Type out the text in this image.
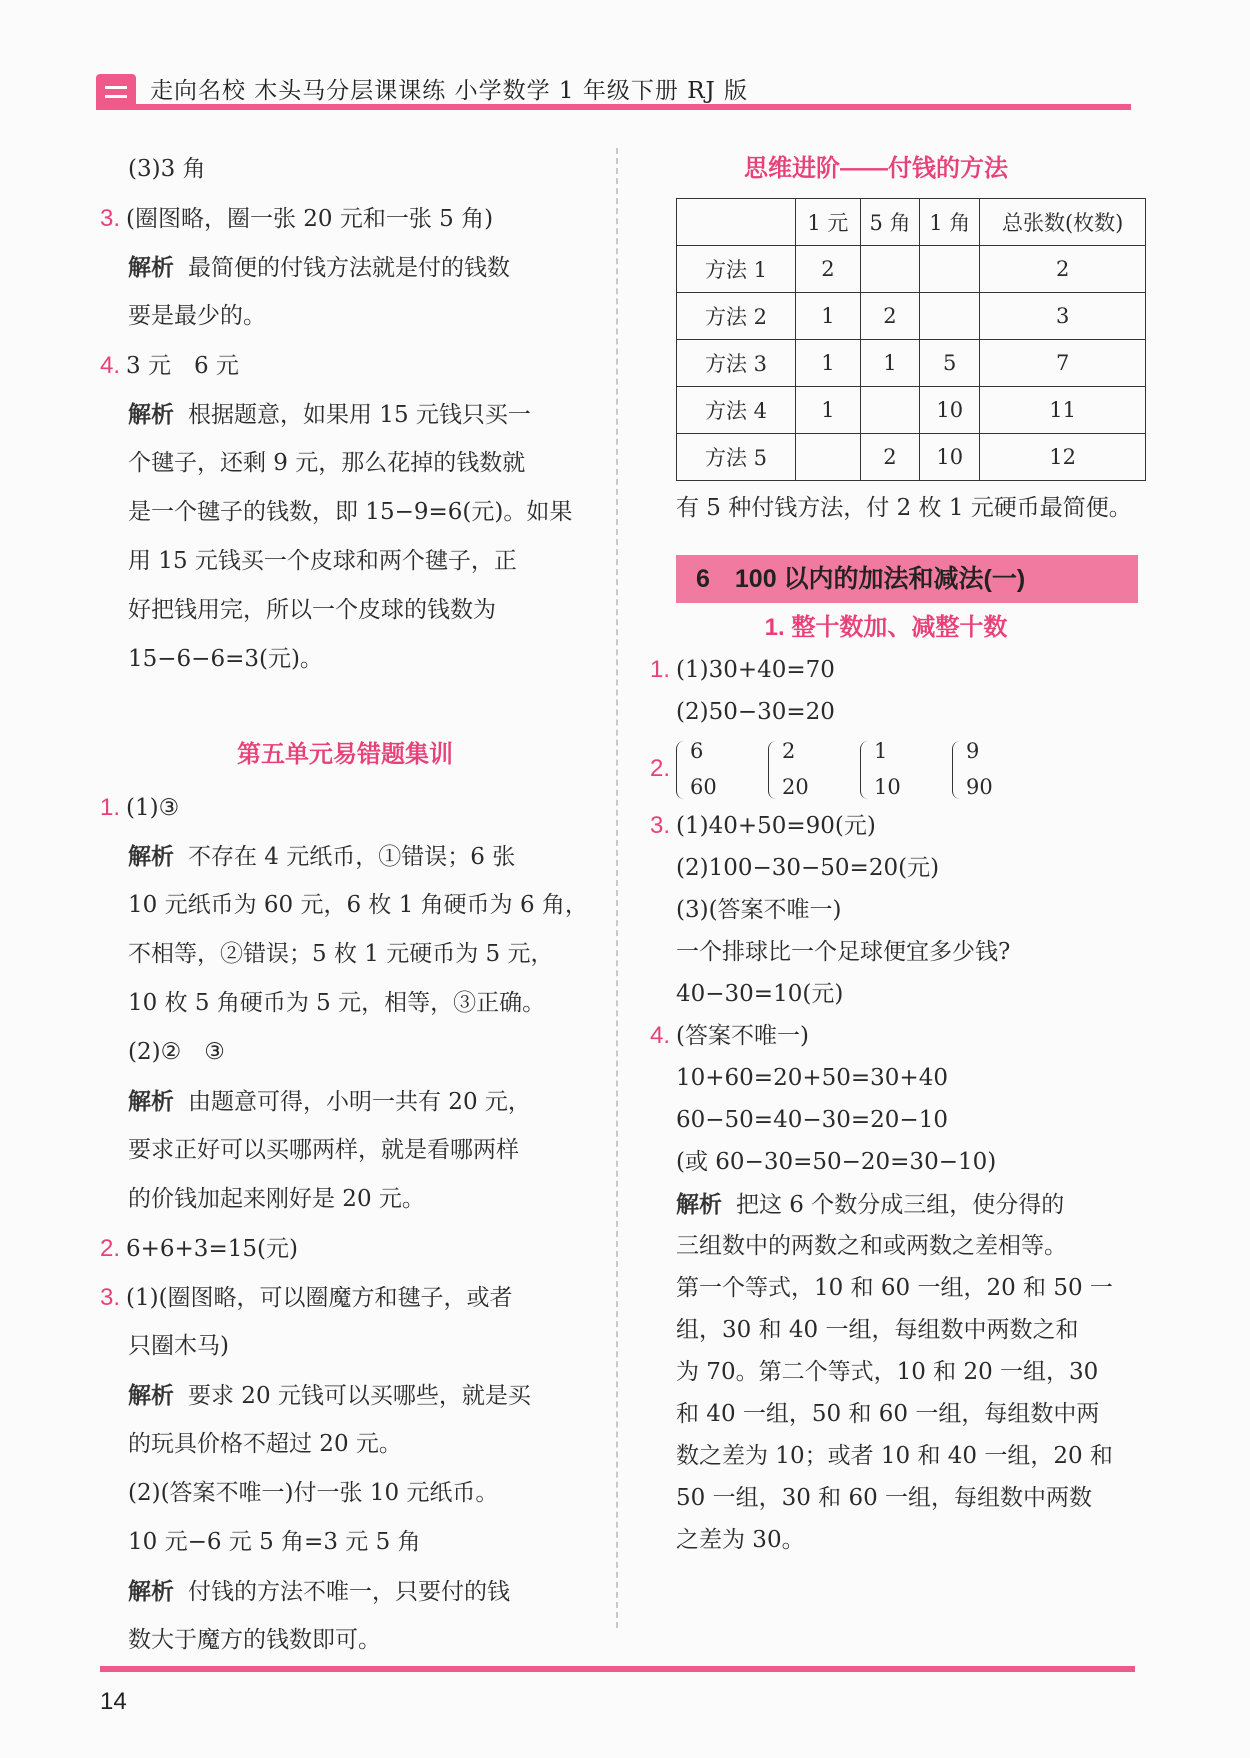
走向名校 木头马分层课课练 小学数学 1 年级下册 RJ 版
(3)3 角
3. (圈图略，圈一张 20 元和一张 5 角)
解析 最简便的付钱方法就是付的钱数
要是最少的。
4. 3 元　6 元
解析 根据题意，如果用 15 元钱只买一
个毽子，还剩 9 元，那么花掉的钱数就
是一个毽子的钱数，即 15−9=6(元)。如果
用 15 元钱买一个皮球和两个毽子，正
好把钱用完，所以一个皮球的钱数为
15−6−6=3(元)。
第五单元易错题集训
1. (1)③
解析 不存在 4 元纸币，①错误；6 张
10 元纸币为 60 元，6 枚 1 角硬币为 6 角，
不相等，②错误；5 枚 1 元硬币为 5 元，
10 枚 5 角硬币为 5 元，相等，③正确。
(2)②　③
解析 由题意可得，小明一共有 20 元，
要求正好可以买哪两样，就是看哪两样
的价钱加起来刚好是 20 元。
2. 6+6+3=15(元)
3. (1)(圈图略，可以圈魔方和毽子，或者
只圈木马)
解析 要求 20 元钱可以买哪些，就是买
的玩具价格不超过 20 元。
(2)(答案不唯一)付一张 10 元纸币。
10 元−6 元 5 角=3 元 5 角
解析 付钱的方法不唯一，只要付的钱
数大于魔方的钱数即可。
思维进阶——付钱的方法
	1 元	5 角	1 角	总张数(枚数)
方法 1	2			2
方法 2	1	2		3
方法 3	1	1	5	7
方法 4	1		10	11
方法 5		2	10	12
有 5 种付钱方法，付 2 枚 1 元硬币最简便。
6　100 以内的加法和减法(一)
1. 整十数加、减整十数
1. (1)30+40=70
(2)50−30=20
2.
6
60
2
20
1
10
9
90
3. (1)40+50=90(元)
(2)100−30−50=20(元)
(3)(答案不唯一)
一个排球比一个足球便宜多少钱?
40−30=10(元)
4. (答案不唯一)
10+60=20+50=30+40
60−50=40−30=20−10
(或 60−30=50−20=30−10)
解析 把这 6 个数分成三组，使分得的
三组数中的两数之和或两数之差相等。
第一个等式，10 和 60 一组，20 和 50 一
组，30 和 40 一组，每组数中两数之和
为 70。第二个等式，10 和 20 一组，30
和 40 一组，50 和 60 一组，每组数中两
数之差为 10；或者 10 和 40 一组，20 和
50 一组，30 和 60 一组，每组数中两数
之差为 30。
14
